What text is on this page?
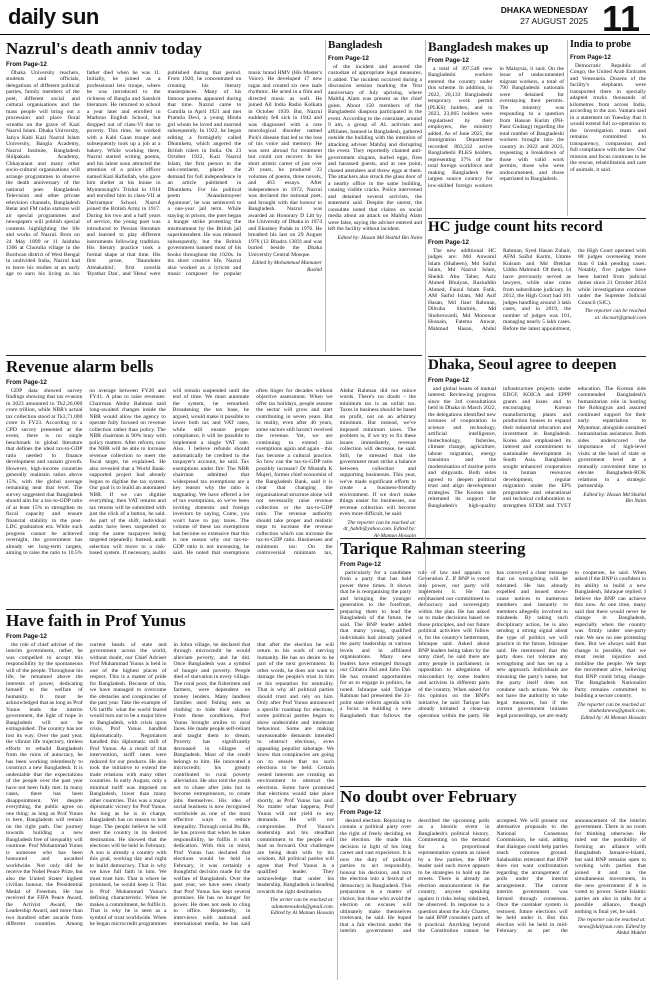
daily sun	DHAKA WEDNESDAY
27 AUGUST 2025 11
Nazrul's death anniv today
From Page-12

Dhaka University teachers, students and officials, delegations of different political parties, family members of the poet, different social and cultural organisations and the mass people will bring out a procession and place floral wreaths on the grave of Kazi Nazrul Islam. Dhaka University, Jatiya Kabi Kazi Nazrul Islam University, Bangla Academy, Nazrul Institute, Bangladesh Shilpakala Academy, Chhayanaut and many other socio-cultural organisations will arrange programmes to observe the death anniversary of the national poet. Bangladesh Television and other private television channels, Bangladesh Betar and FM radio stations will air special programmes and newspapers will publish special contents highlighting the life and works of Nazrul. Born on 24 May 1899 or 11 Jaishtha 1306 at Churulia village in the Burdwan district of West Bengal in undivided India, Nazrul had to leave his studies at an early age to earn his living as his father died when he was 11. Initially, he joined as a professional leto troupe, where he was introduced to the richness of Bangla and Sanskrit literature. He returned to school a year later and enrolled in Mathrun English School, but dropped out of class-VI due to poverty. This time, he worked with a Kabi Gaan troupe and subsequently took up a job at a bakery. While working there, Nazrul started writing poems, and his talent soon attracted the attention of a police officer named Kazi Rafiullah, who gave him shelter at his house in Mymensingh's Trishal in 1914 and enrolled him in class-VII at Darirampur School. Nazrul joined the British Army in 1917. During his two and a half years of service, the young poet was introduced to Persian literature and learned to play different instruments following tradition. His literary practice took a formal shape at that time. His first prose, 'Baunduler Atmakahini', first novella 'Byathar Dan', and 'Hena' were published during that period. From 1920, he concentrated on creating his literary masterpieces. Many of his famous poems appeared during that time. Nazrul came to Cumilla in April 1921 and met Pramila Devi, a young Hindu girl whom he loved and married subsequently. In 1922, he began editing a fortnightly called Dhumketu, which angered the British rulers in India. On 23 October 1922, Kazi Nazrul Islam, the first person in the sub-continent, placed the demand for full independence in an article published in Dhumketu. For his political poem 'Anandamoyeer Agomone', he was sentenced to a one-year jail term. While staying in prison, the poet began a hunger strike protesting the mistreatment by the British jail superintendent. He was released subsequently, but the British government banned most of his books throughout the 1920s. In his short creative life, Nazrul also worked as a lyricist and music composer for popular music brand HMV (His Master's Voice). He developed 17 new ragas and created six new taals rhythmic. He acted in a film and directed music as well. He joined All India Radio Kolkata in October 1939. But, Nazrul suddenly fell sick in 1942 and was diagnosed with a rare neurological disorder named Pick's disease that led to the loss of his voice and memory. He was sent abroad for treatment but could not recover. In his short artistic career of just over 20 years, he produced 22 volumes of poems, three novels, and 463 essays. After independence in 1972, Nazrul was declared the national poet, and brought with due honour to Bangladesh. Nazrul was awarded an Honorary D Litt by the University of Dhaka in 1974 and Ekushey Padak in 1976. He breathed his last on 29 August 1976 (12 Bhadra 1383) and was buried beside the Dhaka University Central Mosque.

Edited by Mohammad Mamuner Rashid
Bangladesh
From Page-12

of the incident and assured the custodian of appropriate legal measures, it added. The incident occurred during a discussion session marking the 'first anniversary of July uprising, where Mahfuj Alam was present as the chief guest. About 150 members of the Bangladeshi diaspora participated in the event. According to the consulate, around 9 am, a group of AL activists and affiliates, banned in Bangladesh, gathered outside the building with the intention of attacking adviser Mahfuj and disrupting the event. They reportedly chanted anti-government slogans, hurled eggs, fires and harassed guests, and at one point, chased attendees and threw eggs at them. The attackers also struck the glass door of a nearby office in the same building, causing visible cracks. Police intervened and detained several activists, the statement said. Despite the unrest, the consulate noted that claims on social media about an attack on Mahfuj Alam were false, saying the adviser entered and left the facility without incident.

Edited by: Hasan Md Shahid Bin Naim
Bangladesh makes up
From Page-12

a total of 397,548 new Bangladeshi workers entered the country under this scheme. In addition, in 2022, 20,133 Bangladeshi temporary work permit (PLKS) holders, and in 2023, 23,065 holders were regularised by their employers, the ministry added. As of June 2025, the Immigration Department recorded 803,332 active Bangladeshi PLKS holders, representing 37% of the total foreign workforce and making Bangladesh the largest source country for low-skilled foreign workers in Malaysia, it said. On the issue of undocumented migrant workers, a total of 790 Bangladeshi nationals were detained for overstaying their permits. The ministry was responding to a question from Hassan Karim (PH-Pasir Gudang) regarding the total number of Bangladeshi workers brought into the country in 2022 and 2023, requesting a breakdown of those with valid work permits, those who were undocumented, and those repatriated to Bangladesh.

India to probe
From Page-12

Democratic Republic of Congo, the United Arab Emirates and Venezuela. Dozens of the facility's elephants were transported there in specially adapted trucks thousands of kilometres from across India, according to the zoo. Vantara said in a statement on Tuesday that it would extend full co-operation to the investigation team and remains committed to transparency, compassion and full compliance with the law. Our mission and focus continues to be the rescue, rehabilitation and care of animals, it said.

HC judge count hits record
From Page-12

The new additional HC judges are: Md Anwarul Islam (Shaheen), Md Saiful Islam, Md Nazrul Islam, Sheikh Abu Taher, Aziz Ahmed Bhuiyan, Raziuddin Ahmed, Faizul Islam Fatik, AM Saiful Islam, Md Asif Hasan, Md Jiaur Rahman, Dilruba Sharmin, Md Shohrowardi, Md Monowar Hossain, Fatema Anwar, Mahmud Hasan, Abdul Rahman, Syed Hasan Zubair, AFM Saiful Karim, Umme Kulsum and Md Iftekhar Uddin Mahmud. Of them, 14 have previously served as lawyers, while nine come from subordinate judiciary. In 2012, the High Court had 101 judges handling around 3 lakh cases, and in 2019, the number of judges was 101, managing nearly 5 lakh cases. Before the latest appointment, the High Court operated with 88 judges overseeing more than 6 lakh pending cases. Notably, five judges have been barred from judicial duties since 21 October 2024 while investigations continue under the Supreme Judicial Council (SJC).

The reporter can be reached at: dscourt@gmail.com
Revenue alarm bells
From Page-12

GDP data showed survey findings showing that tax evasion in 2023 amounted to Tk2,26,000 crore trillion, while NBR's actual tax collection stood at Tk3,71,000 crore in FY23. According to a CPD survey presented at the event, there is no single benchmark in global literature that defines the ideal tax-to-GDP ratio needed to finance development and sustain growth. However, high-income countries generally maintain ratios above 15%, with the global average remaining near that level. The survey suggested that Bangladesh should aim for a tax-to-GDP ratio of at least 15% to strengthen its fiscal capacity and ensure financial stability in the post-LDC graduation era. While such progress cannot be achieved overnight, the government has already set long-term targets, aiming to raise the ratio to 10.5% on average between FY20 and FY41. A plan to raise revenues: Chairman Abdur Rahman said long-awaited changes inside the NBR would allow the agency to operate fully focused on revenue collection rather than policy. The NBR chairman is 90% busy with policy matters. After reform, now the NBR will be able to increase revenue collection to meet the fiscal target, he explained. He also revealed that a World Bank-supported project had already begun to digitise the tax system. Our goal is to build an automated NBR. If we can digitise everything, then VAT returns and tax returns will be submitted with just the click of a button, he said. As part of the shift, individual audits have been suspended to stop the same taxpayers being targeted repeatedly. Instead, audit selection will move to a risk-based system. If necessary, audits will remain suspended until the end of time. We must automate the system, he remarked. Broadening the tax base, he argued, would make it possible to lower both tax and VAT rates, while still ensure proper compliance, it will be possible to implement a single VAT rate. Also, I believe refunds should automatically be credited to the taxpayer's account, he said. Tax exemptions under fire: The NBR chairman admitted that widespread tax exemptions are a key reason why the ratio is stagnating. We have offered a lot of tax exemptions, so we've been inviting domestic and foreign investors by saying, Come, you won't have to pay taxes. The volume of these tax exemptions has become so extensive that this is one reason why our tax-to-GDP ratio is not increasing, he said. He noted that exemptions often linger for decades without objective assessment. When we offer tax holidays, people assume the sector will grow and start contributing in seven years. But in reality, even after 40 years, some sectors still haven't received the revenue. Yet, we are continuing to extend tax exemptions again and again - this has become a cultural practice. So how can the tax-to-GDP ratio possibly increase? Dr Mustafa K Mujeri, former chief economist of the Bangladesh Bank, said it is clear that changing the organisational structure alone will not necessarily raise revenue collection or the tax-to-GDP ratio. The revenue authority should take proper and realistic steps to increase the revenue collection which can increase the tax-to-GDP ratio. Businesses and minimum tax: On the controversial minimum tax, Abdur Rahman did not mince words. There's no doubt - the minimum tax is an unfair tax. Taxes in business should be based on profit, not on an arbitrary minimum. But instead, we've imposed minimum taxes. The problem is, if we try to fix these issues immediately, revenue collection will decrease, he said. Still, he stressed that the government must strike a balance between collection and supporting businesses. This year, we've made significant efforts to create a business-friendly environment. If we don't make things easier for businesses, our revenue collection will become even more difficult, he said.

The reporter can be reached at: dt_habib@yahoo.com. Edited by: Al-Mamun Hossain
Dhaka, Seoul agree to deepen
From Page-12

and global issues of mutual interest. Reviewing progress since the 3rd consultations held in Dhaka in March 2022, the delegations identified new avenues of cooperation in science and technology, artificial intelligence, biotechnology, fisheries, climate change, agriculture, labour migration, energy transition and the modernisation of marine ports and shipyards. Both sides agreed to deepen political trust and align development strategies. The Korean side reiterated its support for Bangladesh's high-quality infrastructure projects under EDCF, KOICA and EPPP grants and loans and to encouraging Korean manufacturing plants and production houses to expand their industrial relocation and investment in Bangladesh. Korea also emphasised its interest and commitment to sustainable development in South Asia. Bangladesh sought enhanced cooperation in human resources development, regular migration under the EPS programme and educational and technical collaboration to strengthen STEM and TVET education. The Korean side commended Bangladesh's humanitarian role in hosting the Rohingyas and assured continued support for their early repatriation to Myanmar, alongside sustained humanitarian assistance. Both sides underscored the importance of high-level visits at the head of state or government level at a mutually convenient time to elevate Bangladesh-ROK relations to a strategic partnership.

Edited by: Hasan Md Shahid Bin Naim
Tarique Rahman steering
From Page-12

particularly for a candidate from a party that has held power three times. It shows that he is reorganising the party and bringing the younger generation to the forefront, preparing them to lead the Bangladesh of the future, he said. The BNP leader added that many young, qualified individuals had already joined the party leadership at various levels and in affiliated organisations. Many new leaders have emerged through our Chhatra Dal and Jubo Dal. He has created opportunities for us to engage in politics, he noted. Ishraque said Tarique Rahman had presented the 31-point state reform agenda with a focus on building a new Bangladesh that follows the rule of law and appeals to Generation Z. If BNP is voted into power, our party will implement it. He has emphasised our commitment to democracy and sovereignty within the plan. He has asked us to make decisions based on those principles, and our future political activities will follow it, for the country's betterment, Ishraque said. Asked about BNP leaders being taken by the army chief, he said there are army people in parliament, in opposition to allegations of misconduct by some leaders and activists in different parts of the country. When asked for his opinion on the BNP's initiative, he said: Tarique has already initiated a clean-up operation within the party. He has conveyed a clear message that no wrongdoing will be tolerated. He has already expelled and issued show-cause notices to numerous members and instantly to members allegedly involved in misdeeds. By taking such disciplinary action, he is also sending a strong signal about the type of politics we will practice in the future, Ishraque said. He mentioned that the party does not tolerate any wrongdoing and has set up a new approach. Individuals are misusing the party's name, but the party itself does not condone such actions. We do not have the authority to take legal measures, but if the current government initiates legal proceedings, we are ready to cooperate, he said. When asked if the BNP is confident in its ability to build a new Bangladesh, Ishraque replied: I believe the BNP can achieve this now. At one time, many said that there would never be change in Bangladesh, especially when the country was firmly under one-party rule. We saw no one protesting then. But we always said that change is possible, that we must resist injustice and mobilise the people. We kept the movement alive, believing that BNP could bring change. The Bangladesh Nationalist Party remains committed to building a secure country.

The reporter can be reached at: shahedsnews@gmail.com. Edited by: Al Mamun Hossain
Have faith in Prof Yunus
From Page-12

the role of chief adviser of the interim government, rather, he was compelled to accept this responsibility by the spontaneous will of the people. Throughout his life, he remained above the interests of power, dedicating himself to the welfare of humanity. It must be acknowledged that as long as Prof Yunus leads the interim government, the light of hope in Bangladesh will not be extinguished. The country has not lost its way. Over the past year, the vibrant life trajectory, tireless efforts to rebuild Bangladesh from the ruins of autocracy, he has been working relentlessly to construct a new Bangladesh. It is undeniable that the expectations of the people over the past year have not been fully met. In many cases, there has been disappointment. Yet despite everything, the public agree on one thing: as long as Prof Yunus is here, Bangladesh will remain on the right path. Our journey towards building a new Bangladesh free of inequality will continue. Prof Muhammad Yunus is someone who has been honoured and awarded worldwide. Not only did he receive the Nobel Peace Prize, but also the United States' highest civilian honour, the Presidential Medal of Freedom. He has received the FIFA Peace Award, the Activist Award, the Leadership Award, and more than two hundred other awards from different countries. Among current heads of state and government across the world, without doubt, our Chief Adviser Prof Muhammad Yunus is held in one of the highest places of respect. This is a matter of pride for Bangladesh. Because of this, we have managed to overcome the obstacles and conspiracies of the past year. Take the example of US tariffs: what the world feared would turn out to be a major blow to Bangladesh, with crisis upon crisis, Prof Yunus handled diplomatically. Negotiators handled this diplomatic skill of Prof Yunus. As a result of that intervention, tariff rates were reduced for our products. He also took the initiative to extend the trade relations with many other countries. In early August, only a minimal tariff was imposed on Bangladesh, lower than many other countries. This was a major diplomatic victory for Prof Yunus. As long as he is in charge, Bangladesh has no reason to lose hope. The people believe he will steer the country in its desired destination. He showed that the elections will be held in February. A son is already a country with this goal, working day and night to build democracy. That is why we have full faith in him. We must trust him. That is where he promised, he would keep it. This is Prof Muhammad Yunus's defining characteristic. When he makes a commitment, he fulfils it. That is why he is seen as a symbol of trust worldwide. When he began microcredit programmes in Jobra village, he declared that through microcredit he would alleviate poverty, and he did. Once Bangladesh was a symbol of hunger and poverty. People died of starvation in every village. The rural poor, the fishermen and farmers, were dependent on money lenders. Many landless families used fishing nets as clothing to hide their shame. From those conditions, Prof Yunus brought smiles to rural faces. He made people self-reliant and taught them to dream. Poverty has significantly decreased in villages of Bangladesh. Most of the credit belongs to him. He innovated a microcredit; his greatly contributed to rural poverty alleviation. He also told the youth not to chase after jobs but to become entrepreneurs, to create jobs themselves. His idea of social business is now recognised worldwide as one of the most effective ways to reduce inequality. Through social Bu Bk, he has proven that when he takes responsibility, he fulfils it with dedication. With this in mind, Prof Yunus has declared that elections would be held in February, it was certainly a thoughtful decision made for the welfare of Bangladesh. Over the past year, we have seen clearly that Prof Yunus has kept several promises. He has no hunger for power. He does not seek to cling to office. Repeatedly, in interviews with national and international media, he has said that after the election he will return to his work of serving humanity. He has no desire to be part of the next government. In other words, he does not want to damage the people's trust in him or his reputation for neutrality. That is why all political parties should trust and rely on him. Only after Prof Yunus announced a specific roadmap for elections, some political parties began to show undesirable and intolerant behaviour. Some are making unreasonable demands intended to obstruct elections, even appealing populist sabotage. We know that conspiracies are going on to ensure that no such elections to be held. Certain vested interests are creating an environment to obstruct the elections. Some have promised that elections would take place shortly, as Prof Yunus has said. No matter what happens, Prof Yunus will not yield to any demands. He will not compromise. Prof Yunus's leadership and his steadfast commitment to the people will lead us forward. Our challenges are being dealt with by his wisdom. All political parties will agree that Prof Yunus is a qualified leader. They acknowledge that under his leadership, Bangladesh is heading towards the right destination.

The writer can be reached at: adonenewsdesk@gmail.com. Edited by Al Mamun Hossain
No doubt over February
From Page-12

desired election. Rejoicing to contain a political party over the right of freely deciding on the election. He made this decision in light of his long career and vast experience. It is now the duty of political parties to act responsibly, honour his decision, and turn the election into a festival of democracy in Bangladesh. This preparation is a matter of choice, but those who avoid the election on excuses will ultimately make themselves irrelevant, he said. He hoped that a fair election under the interim government and described the upcoming polls as a historic event in Bangladesh's political history. Commenting on the demand for a proportional representation system as raised by a few parties, the BNP leader said such move appears to be strategies to hold up the streets. There is already an election announcement in the country, anyone speaking against it risks being sidelined, he observed. In response to a question about the July Charter, he said BNP considers parts of it practical. Anything beyond the Constitution cannot be accepted. We will present our alternative proposals to the National Consensus Commission, he said, adding that dialogue could help parties reach common ground. Salahuddin reiterated that BNP does not want confrontation regarding the arrangement of polls under the interim arrangement. The current interim government was formed through consensus. Once the caretaker system is restored, future elections will be held under it. But this election will be held in mid-February as per the announcement of the interim government. There is no room for thinking otherwise. He ruled out the possibility of forming an alliance with Bangladesh Jamaat-e-Islami, but said BNP remains open to working with parties that joined it and in the simultaneous movements, in the new government if it is voted to power. Some Islamic parties are also in talks for a possible alliance, though nothing is final yet, he said.

The reporter can be reached at: news@dailysun.com. Edited by Abdul Mukhit
